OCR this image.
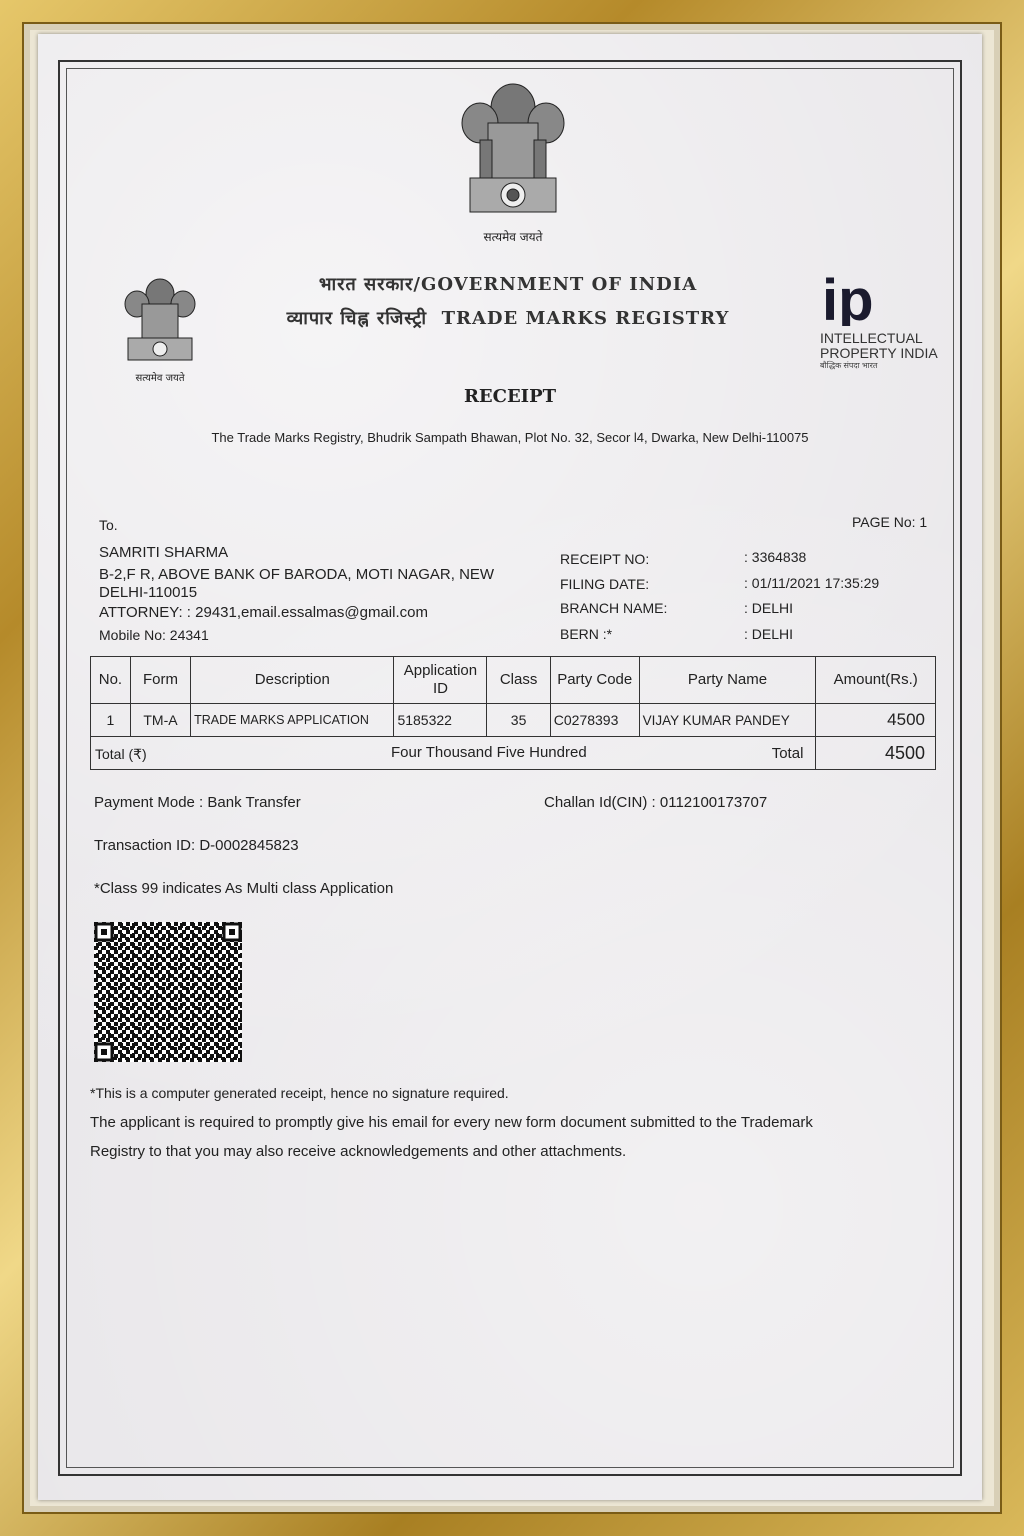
सत्यमेव जयते
सत्यमेव जयते
भारत सरकार/GOVERNMENT OF INDIA
व्यापार चिह्न रजिस्ट्री TRADE MARKS REGISTRY	ip
INTELLECTUAL
PROPERTY INDIA
बौद्धिक संपदा भारत
RECEIPT
The Trade Marks Registry, Bhudrik Sampath Bhawan, Plot No. 32, Secor l4, Dwarka, New Delhi-110075
To.	PAGE No: 1
SAMRITI SHARMA
B-2,F R, ABOVE BANK OF BARODA, MOTI NAGAR, NEW
DELHI-110015
ATTORNEY: : 29431,email.essalmas@gmail.com
Mobile No: 24341
RECEIPT NO:	: 3364838
FILING DATE:	: 01/11/2021 17:35:29
BRANCH NAME:	: DELHI
BERN :*	: DELHI
No.	Form	Description	Application ID	Class	Party Code	Party Name	Amount(Rs.)
1	TM-A	TRADE MARKS APPLICATION	5185322	35	C0278393	VIJAY KUMAR PANDEY	4500

Total (₹) Four Thousand Five Hundred Total							4500
Payment Mode : Bank Transfer	Challan Id(CIN) : 0112100173707
Transaction ID: D-0002845823
*Class 99 indicates As Multi class Application
*This is a computer generated receipt, hence no signature required.
The applicant is required to promptly give his email for every new form document submitted to the Trademark
Registry to that you may also receive acknowledgements and other attachments.
